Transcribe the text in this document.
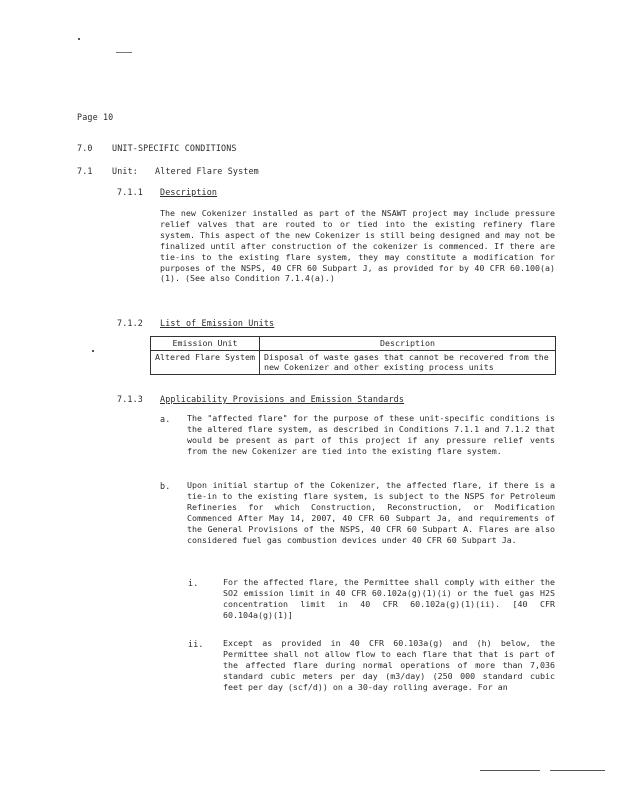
Page 10
7.0 UNIT-SPECIFIC CONDITIONS
7.1 Unit: Altered Flare System
7.1.1 Description
The new Cokenizer installed as part of the NSAWT project may include pressure relief valves that are routed to or tied into the existing refinery flare system. This aspect of the new Cokenizer is still being designed and may not be finalized until after construction of the cokenizer is commenced. If there are tie-ins to the existing flare system, they may constitute a modification for purposes of the NSPS, 40 CFR 60 Subpart J, as provided for by 40 CFR 60.100(a)(1). (See also Condition 7.1.4(a).)
7.1.2 List of Emission Units
Emission Unit	Description
Altered Flare System	Disposal of waste gases that cannot be recovered from the new Cokenizer and other existing process units
7.1.3 Applicability Provisions and Emission Standards
a. The "affected flare" for the purpose of these unit-specific conditions is the altered flare system, as described in Conditions 7.1.1 and 7.1.2 that would be present as part of this project if any pressure relief vents from the new Cokenizer are tied into the existing flare system.
b. Upon initial startup of the Cokenizer, the affected flare, if there is a tie-in to the existing flare system, is subject to the NSPS for Petroleum Refineries for which Construction, Reconstruction, or Modification Commenced After May 14, 2007, 40 CFR 60 Subpart Ja, and requirements of the General Provisions of the NSPS, 40 CFR 60 Subpart A. Flares are also considered fuel gas combustion devices under 40 CFR 60 Subpart Ja.
i.	For the affected flare, the Permittee shall comply with either the SO2 emission limit in 40 CFR 60.102a(g)(1)(i) or the fuel gas H2S concentration limit in 40 CFR 60.102a(g)(1)(ii). [40 CFR 60.104a(g)(1)]
ii. Except as provided in 40 CFR 60.103a(g) and (h) below, the Permittee shall not allow flow to each flare that that is part of the affected flare during normal operations of more than 7,036 standard cubic meters per day (m3/day) (250 000 standard cubic feet per day (scf/d)) on a 30-day rolling average. For an
